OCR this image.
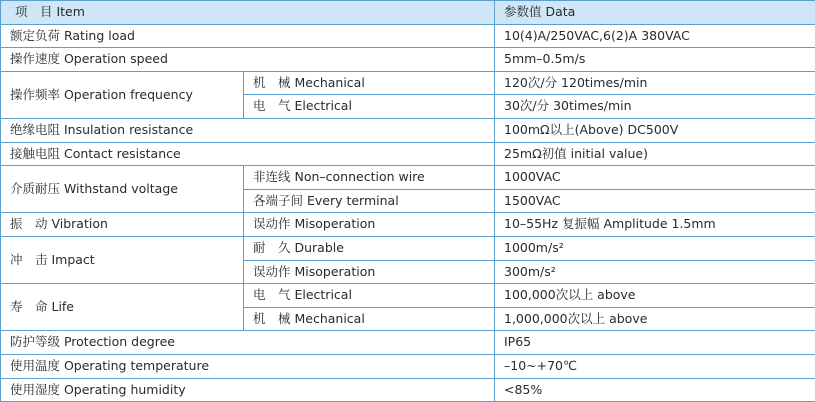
项　目 Item		参数值 Data
额定负荷 Rating load		10(4)A/250VAC,6(2)A 380VAC
操作速度 Operation speed		5mm–0.5m/s
操作频率 Operation frequency	机　械 Mechanical	120次/分 120times/min
	电　气 Electrical	30次/分 30times/min
绝缘电阻 Insulation resistance		100mΩ以上(Above) DC500V
接触电阻 Contact resistance		25mΩ初值 initial value)
介质耐压 Withstand voltage	非连线 Non–connection wire	1000VAC
	各端子间 Every terminal	1500VAC
振　动 Vibration	误动作 Misoperation	10–55Hz 复振幅 Amplitude 1.5mm
冲　击 Impact	耐　久 Durable	1000m/s²
	误动作 Misoperation	300m/s²
寿　命 Life	电　气 Electrical	100,000次以上 above
	机　械 Mechanical	1,000,000次以上 above
防护等级 Protection degree		IP65
使用温度 Operating temperature		–10~+70℃
使用湿度 Operating humidity		<85%
